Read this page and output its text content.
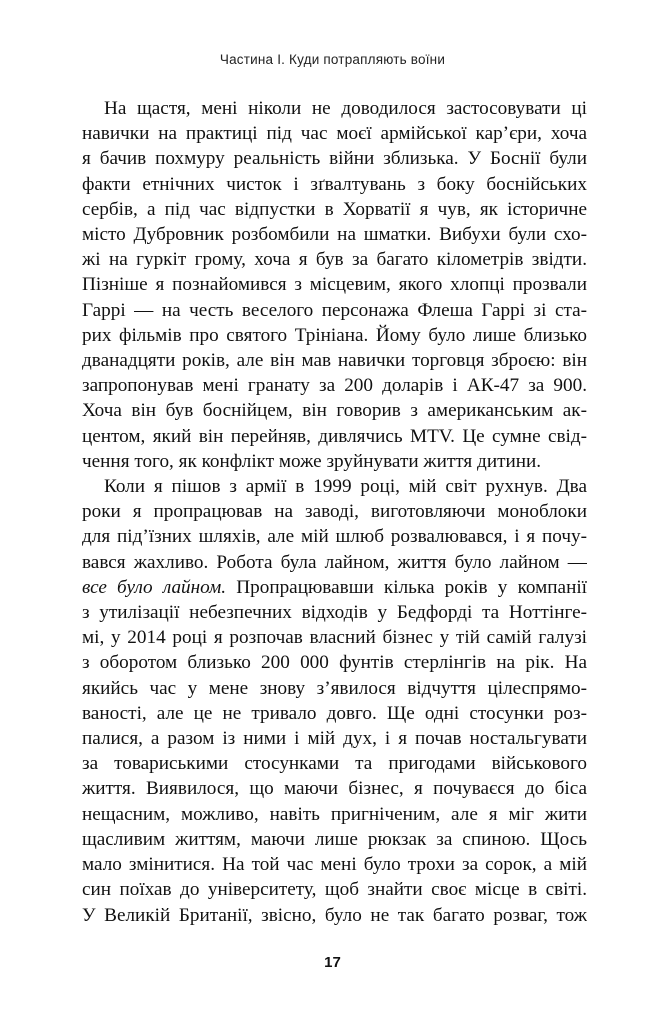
Частина І. Куди потрапляють воїни
На щастя, мені ніколи не доводилося застосовувати ці
навички на практиці під час моєї армійської кар’єри, хоча
я бачив похмуру реальність війни зблизька. У Боснії були
факти етнічних чисток і зґвалтувань з боку боснійських
сербів, а під час відпустки в Хорватії я чув, як історичне
місто Дубровник розбомбили на шматки. Вибухи були схо-
жі на гуркіт грому, хоча я був за багато кілометрів звідти.
Пізніше я познайомився з місцевим, якого хлопці прозвали
Гаррі — на честь веселого персонажа Флеша Гаррі зі ста-
рих фільмів про святого Трініана. Йому було лише близько
дванадцяти років, але він мав навички торговця зброєю: він
запропонував мені гранату за 200 доларів і АК-47 за 900.
Хоча він був боснійцем, він говорив з американським ак-
центом, який він перейняв, дивлячись MTV. Це сумне свід-
чення того, як конфлікт може зруйнувати життя дитини.
Коли я пішов з армії в 1999 році, мій світ рухнув. Два
роки я пропрацював на заводі, виготовляючи моноблоки
для під’їзних шляхів, але мій шлюб розвалювався, і я почу-
вався жахливо. Робота була лайном, життя було лайном —
все було лайном. Пропрацювавши кілька років у компанії
з утилізації небезпечних відходів у Бедфорді та Ноттінге-
мі, у 2014 році я розпочав власний бізнес у тій самій галузі
з оборотом близько 200 000 фунтів стерлінгів на рік. На
якийсь час у мене знову з’явилося відчуття цілеспрямо-
ваності, але це не тривало довго. Ще одні стосунки роз-
палися, а разом із ними і мій дух, і я почав ностальгувати
за товариськими стосунками та пригодами військового
життя. Виявилося, що маючи бізнес, я почуваєся до біса
нещасним, можливо, навіть пригніченим, але я міг жити
щасливим життям, маючи лише рюкзак за спиною. Щось
мало змінитися. На той час мені було трохи за сорок, а мій
син поїхав до університету, щоб знайти своє місце в світі.
У Великій Британії, звісно, було не так багато розваг, тож
17
